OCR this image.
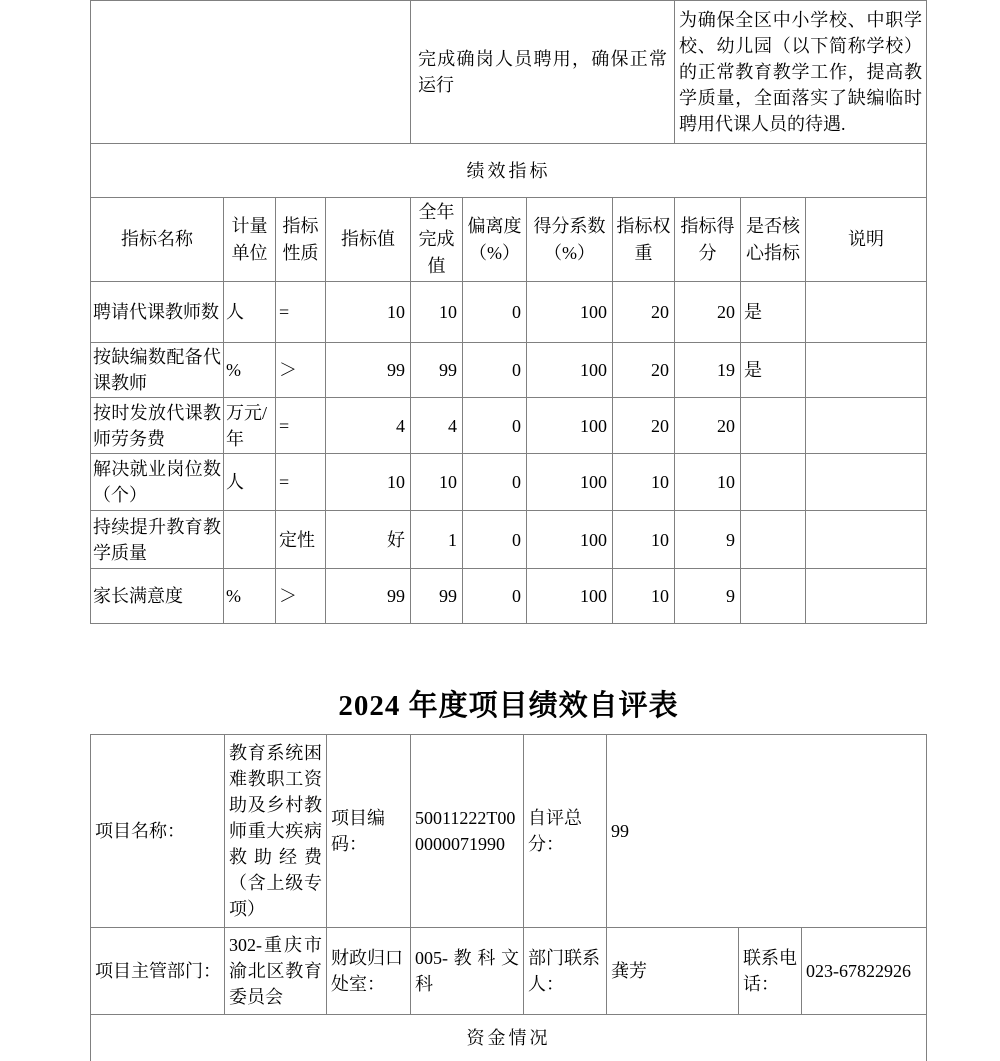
				完成确岗人员聘用，确保正常运行				为确保全区中小学校、中职学校、幼儿园（以下简称学校）的正常教育教学工作，提高教学质量，全面落实了缺编临时聘用代课人员的待遇.		
绩效指标										
指标名称	计量单位	指标性质	指标值	全年完成值	偏离度（%）	得分系数（%）	指标权重	指标得分	是否核心指标	说明
聘请代课教师数	人	=	10	10	0	100	20	20	是	
按缺编数配备代课教师	%	＞	99	99	0	100	20	19	是	
按时发放代课教师劳务费	万元/年	=	4	4	0	100	20	20		
解决就业岗位数（个）	人	=	10	10	0	100	10	10		
持续提升教育教学质量		定性	好	1	0	100	10	9		
家长满意度	%	＞	99	99	0	100	10	9		
2024 年度项目绩效自评表
项目名称：	教育系统困难教职工资助及乡村教师重大疾病救助经费（含上级专项）	项目编码：	50011222T000000071990	自评总分：	99		
项目主管部门：	302-重庆市渝北区教育委员会	财政归口处室：	005-教科文科	部门联系人：	龚芳	联系电话：	023-67822926
资金情况							
